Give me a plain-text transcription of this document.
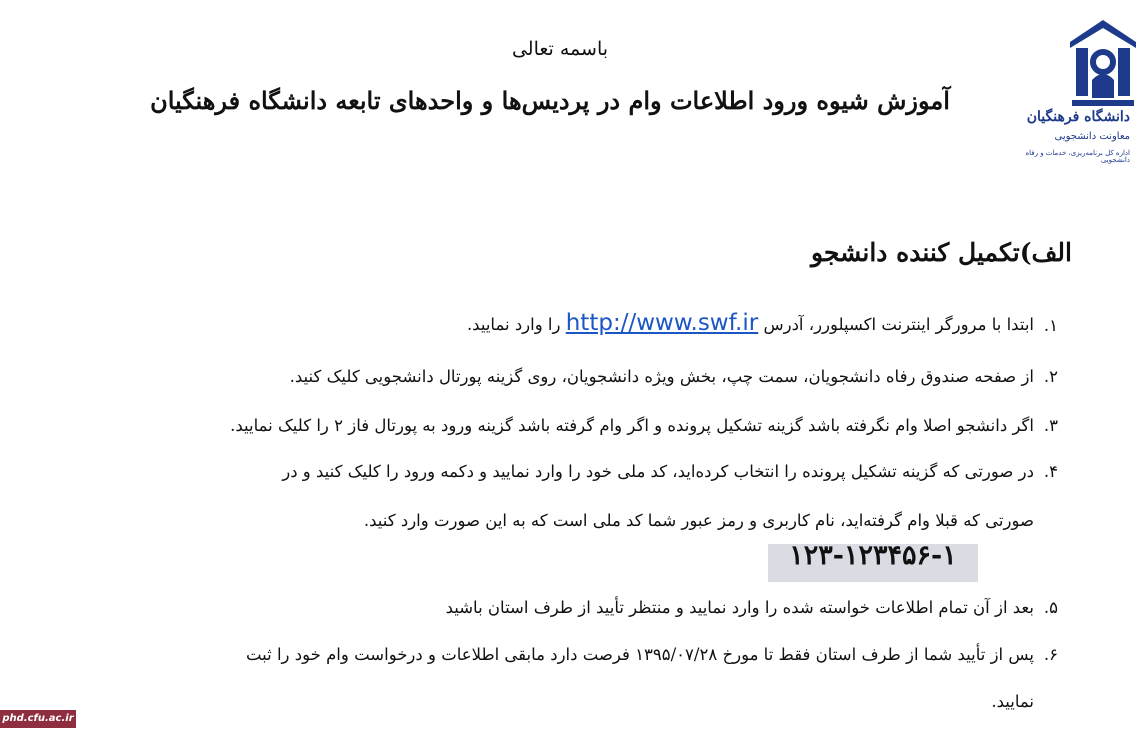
دانشگاه فرهنگیان
معاونت دانشجویی
اداره کل برنامه‌ریزی، خدمات و رفاه دانشجویی
باسمه تعالی
آموزش شیوه ورود اطلاعات وام در پردیس‌ها و واحدهای تابعه دانشگاه فرهنگیان
الف)تکمیل کننده دانشجو
۱.
ابتدا با مرورگر اینترنت اکسپلورر، آدرس http://www.swf.ir را وارد نمایید.
۲.
از صفحه صندوق رفاه دانشجویان، سمت چپ، بخش ویژه دانشجویان، روی گزینه پورتال دانشجویی کلیک کنید.
۳.
اگر دانشجو اصلا وام نگرفته باشد گزینه تشکیل پرونده و اگر وام گرفته باشد گزینه ورود به پورتال فاز ۲ را کلیک نمایید.
۴.
در صورتی که گزینه تشکیل پرونده را انتخاب کرده‌اید، کد ملی خود را وارد نمایید و دکمه ورود را کلیک کنید و در
صورتی که قبلا وام گرفته‌اید، نام کاربری و رمز عبور شما کد ملی است که به این صورت وارد کنید.
۱۲۳-۱۲۳۴۵۶-۱
۵.
بعد از آن تمام اطلاعات خواسته شده را وارد نمایید و منتظر تأیید از طرف استان باشید
۶.
پس از تأیید شما از طرف استان فقط تا مورخ ۱۳۹۵/۰۷/۲۸ فرصت دارد مابقی اطلاعات و درخواست وام خود را ثبت
نمایید.
phd.cfu.ac.ir
